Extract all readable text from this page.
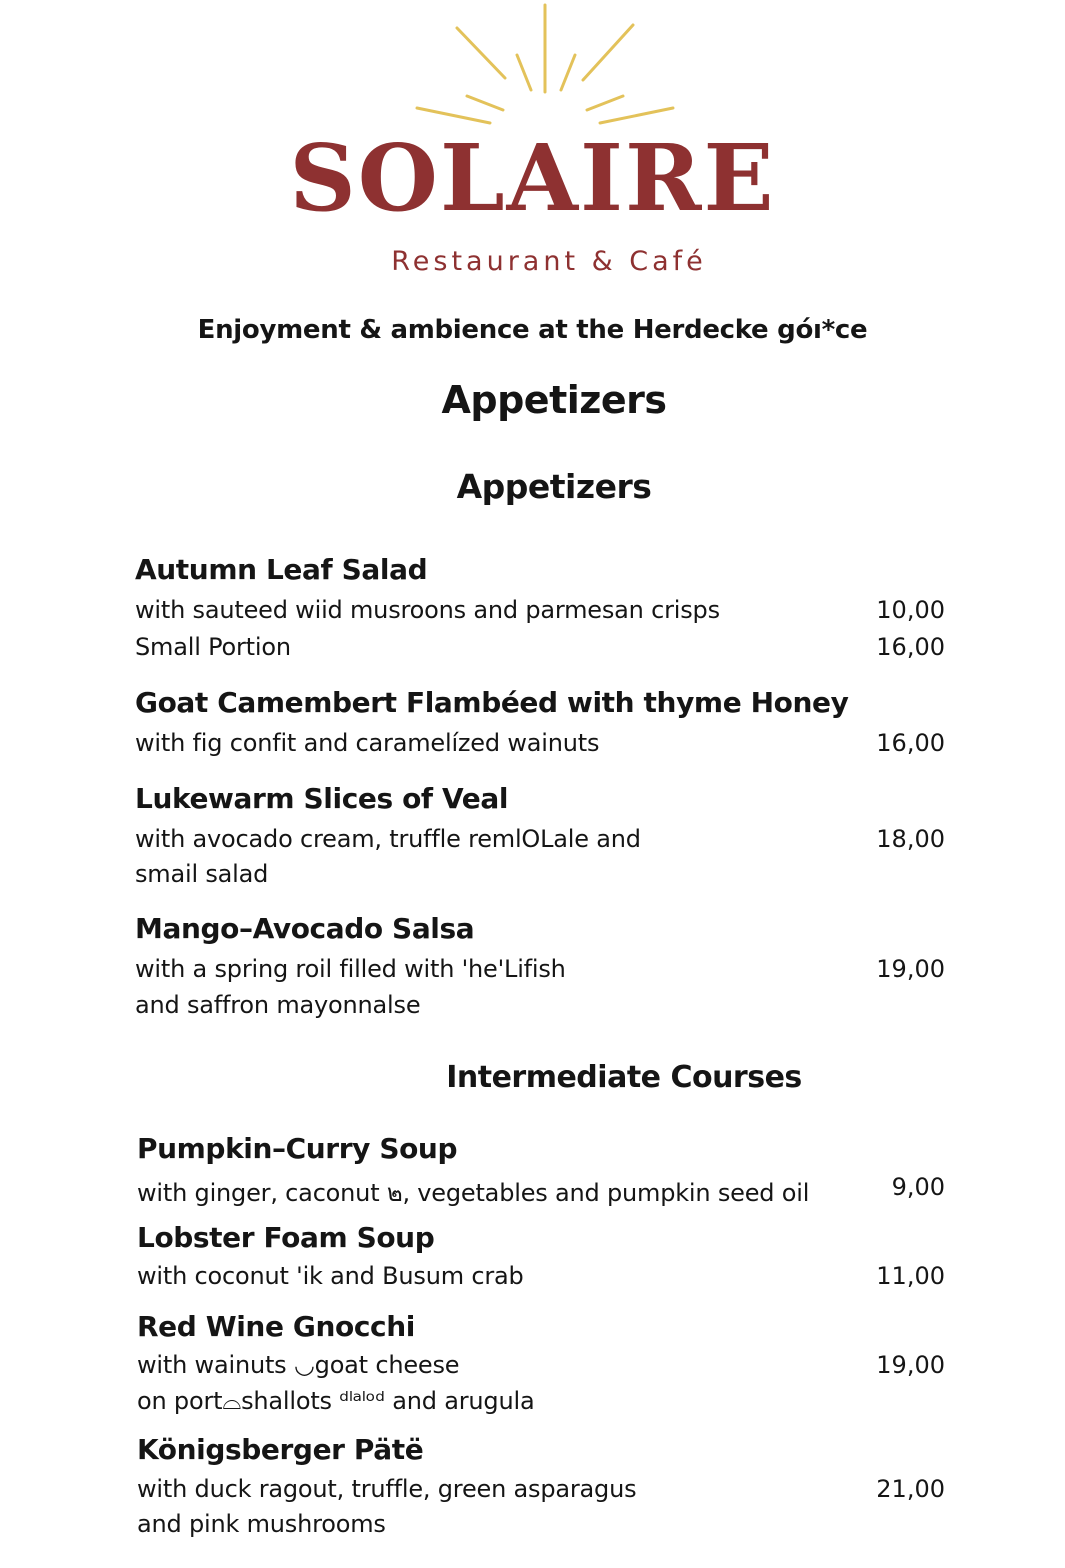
SOLAIRE
Restaurant & Café
Enjoyment & ambience at the Herdecke góı*ce
Appetizers
Appetizers
Autumn Leaf Salad
with sauteed wiid musroons and parmesan crisps	10,00
Small Portion	16,00
Goat Camembert Flambéed with thyme Honey
with fig confit and caramelízed wainuts	16,00
Lukewarm Slices of Veal
with avocado cream, truffle remlOLale and	18,00
smail salad
Mango–Avocado Salsa
with a spring roil filled with 'he'Lifish	19,00
and saffron mayonnalse
Intermediate Courses
Pumpkin–Curry Soup
with ginger, caconut ๒, vegetables and pumpkin seed oil	9,00
Lobster Foam Soup
with coconut 'ik and Busum crab	11,00
Red Wine Gnocchi
with wainuts ◡goat cheese	19,00
on port⌓shallots ᵈˡᵃˡᵒᵈ and arugula
Königsberger Pätë
with duck ragout, truffle, green asparagus	21,00
and pink mushrooms
